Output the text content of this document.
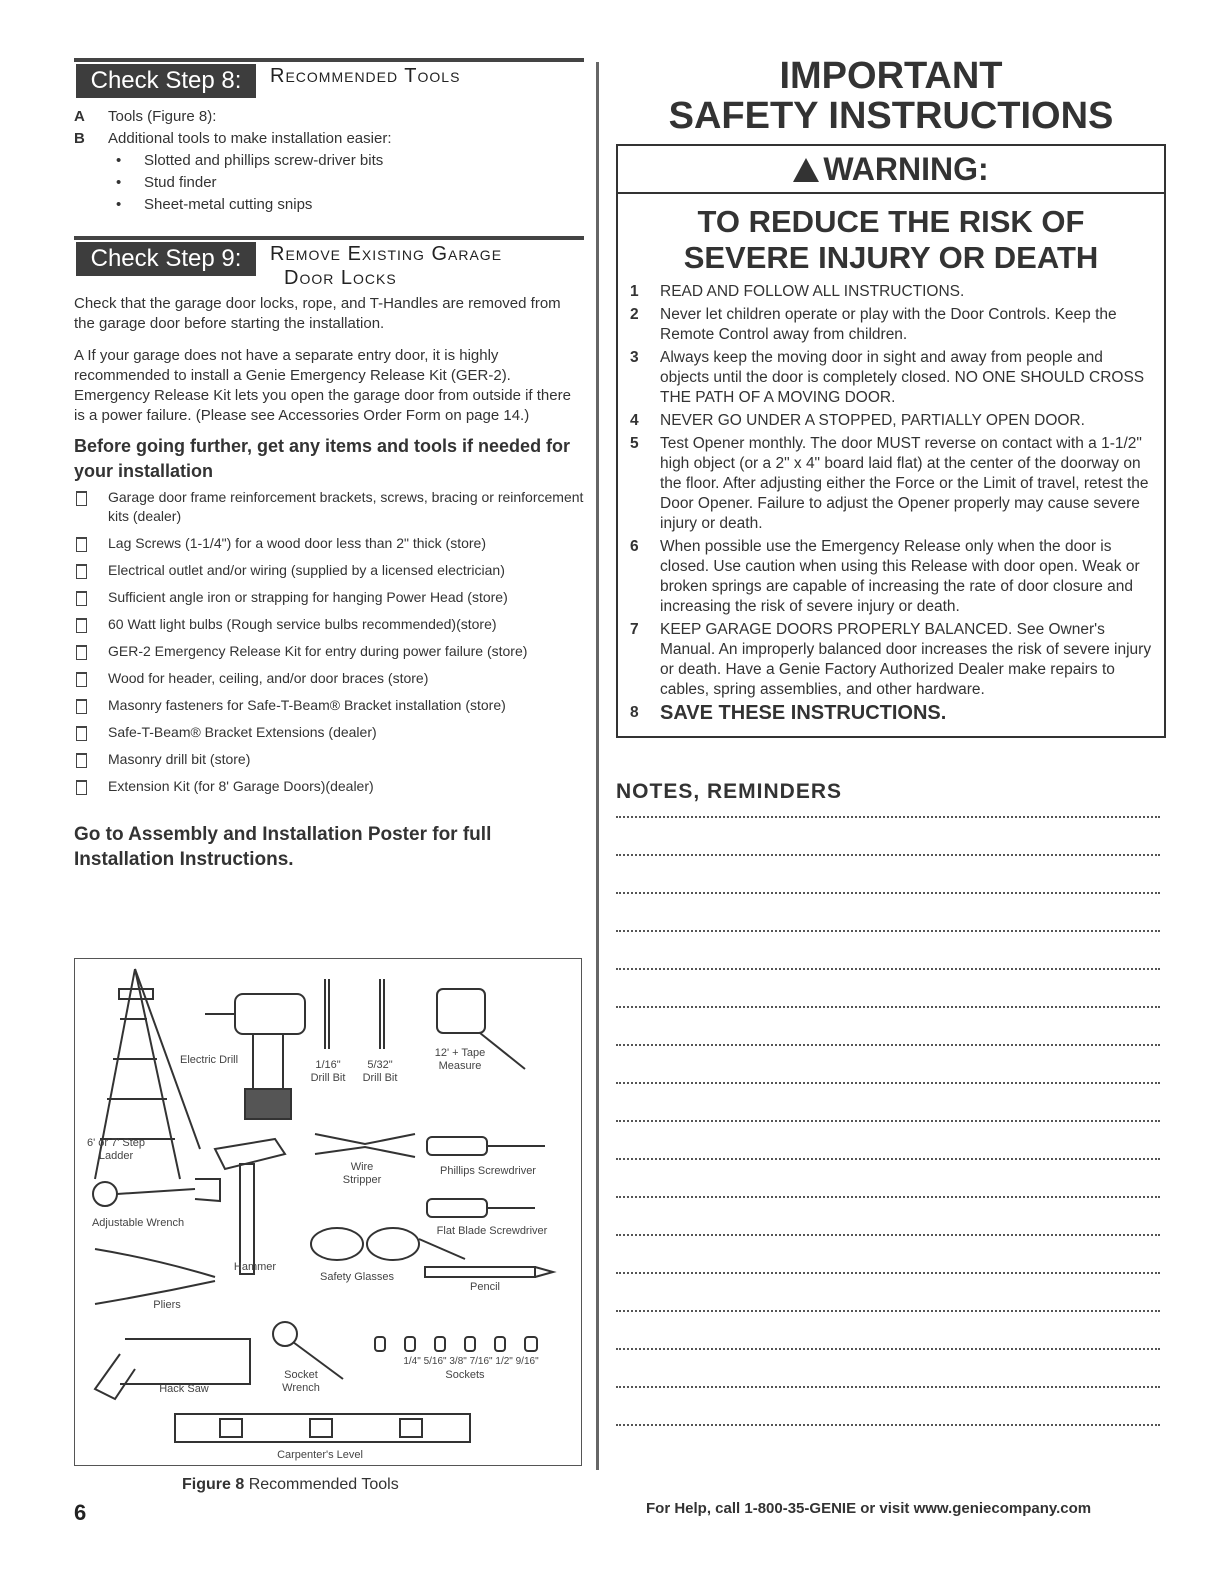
Check Step 8:	Recommended Tools
A Tools (Figure 8):
B Additional tools to make installation easier:
• Slotted and phillips screw-driver bits
• Stud finder
• Sheet-metal cutting snips
Check Step 9:	Remove Existing Garage
Door Locks

Check that the garage door locks, rope, and T-Handles are removed from the garage door before starting the installation.

A If your garage does not have a separate entry door, it is highly recommended to install a Genie Emergency Release Kit (GER-2). Emergency Release Kit lets you open the garage door from outside if there is a power failure. (Please see Accessories Order Form on page 14.)

Before going further, get any items and tools if needed for your installation
Garage door frame reinforcement brackets, screws, bracing or reinforcement kits (dealer)
Lag Screws (1-1/4") for a wood door less than 2" thick (store)
Electrical outlet and/or wiring (supplied by a licensed electrician)
Sufficient angle iron or strapping for hanging Power Head (store)
60 Watt light bulbs (Rough service bulbs recommended)(store)
GER-2 Emergency Release Kit for entry during power failure (store)
Wood for header, ceiling, and/or door braces (store)
Masonry fasteners for Safe-T-Beam® Bracket installation (store)
Safe-T-Beam® Bracket Extensions (dealer)
Masonry drill bit (store)
Extension Kit (for 8' Garage Doors)(dealer)
Go to Assembly and Installation Poster for full Installation Instructions.
Electric Drill	1/16" Drill Bit
5/32" Drill Bit
12' + Tape Measure
6' or 7' Step Ladder
Wire Stripper
Phillips Screwdriver
Adjustable Wrench
Flat Blade Screwdriver
Hammer
Safety Glasses
Pencil
Pliers
1/4" 5/16" 3/8" 7/16" 1/2" 9/16"
Sockets
Hack Saw
Socket Wrench
Carpenter's Level
Figure 8 Recommended Tools
6
IMPORTANT
SAFETY INSTRUCTIONS
WARNING:
TO REDUCE THE RISK OF
SEVERE INJURY OR DEATH
1 READ AND FOLLOW ALL INSTRUCTIONS.
2 Never let children operate or play with the Door Controls. Keep the Remote Control away from children.
3 Always keep the moving door in sight and away from people and objects until the door is completely closed. NO ONE SHOULD CROSS THE PATH OF A MOVING DOOR.
4 NEVER GO UNDER A STOPPED, PARTIALLY OPEN DOOR.
5 Test Opener monthly. The door MUST reverse on contact with a 1-1/2" high object (or a 2" x 4" board laid flat) at the center of the doorway on the floor. After adjusting either the Force or the Limit of travel, retest the Door Opener. Failure to adjust the Opener properly may cause severe injury or death.
6 When possible use the Emergency Release only when the door is closed. Use caution when using this Release with door open. Weak or broken springs are capable of increasing the rate of door closure and increasing the risk of severe injury or death.
7 KEEP GARAGE DOORS PROPERLY BALANCED. See Owner's Manual. An improperly balanced door increases the risk of severe injury or death. Have a Genie Factory Authorized Dealer make repairs to cables, spring assemblies, and other hardware.
8 SAVE THESE INSTRUCTIONS.
NOTES, REMINDERS
For Help, call 1-800-35-GENIE or visit www.geniecompany.com
